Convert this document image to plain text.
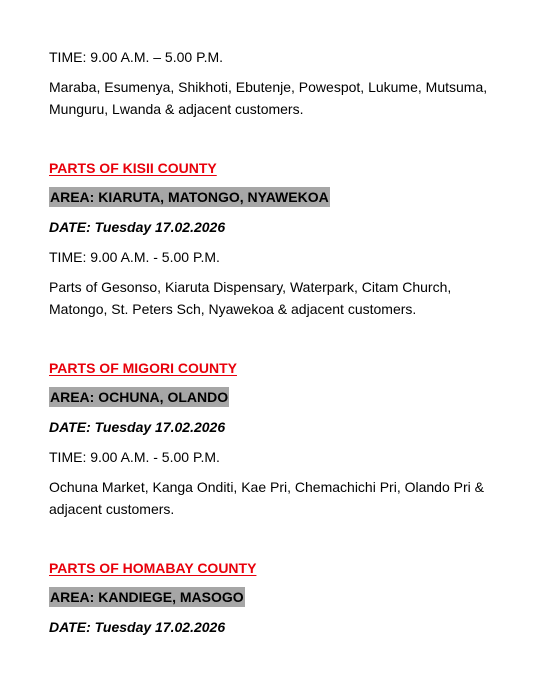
TIME: 9.00 A.M. – 5.00 P.M.
Maraba, Esumenya, Shikhoti, Ebutenje, Powespot, Lukume, Mutsuma, Munguru, Lwanda & adjacent customers.
PARTS OF KISII COUNTY
AREA: KIARUTA, MATONGO, NYAWEKOA
DATE: Tuesday 17.02.2026
TIME: 9.00 A.M. - 5.00 P.M.
Parts of Gesonso, Kiaruta Dispensary, Waterpark, Citam Church, Matongo, St. Peters Sch, Nyawekoa & adjacent customers.
PARTS OF MIGORI COUNTY
AREA: OCHUNA, OLANDO
DATE: Tuesday 17.02.2026
TIME: 9.00 A.M. - 5.00 P.M.
Ochuna Market, Kanga Onditi, Kae Pri, Chemachichi Pri, Olando Pri & adjacent customers.
PARTS OF HOMABAY COUNTY
AREA: KANDIEGE, MASOGO
DATE: Tuesday 17.02.2026
